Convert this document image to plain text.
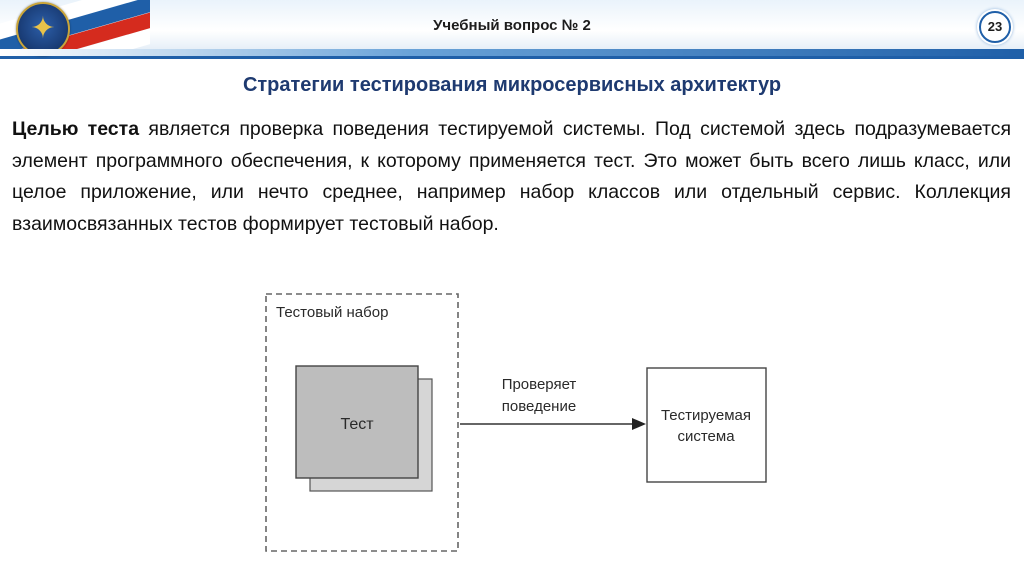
✦	Учебный вопрос № 2	23
Стратегии тестирования микросервисных архитектур

Целью теста является проверка поведения тестируемой системы. Под системой здесь подразумевается элемент программного обеспечения, к которому применяется тест. Это может быть всего лишь класс, или целое приложение, или нечто среднее, например набор классов или отдельный сервис. Коллекция взаимосвязанных тестов формирует тестовый набор.

Тестовый набор
Тест
Проверяет
поведение
Тестируемая
система
